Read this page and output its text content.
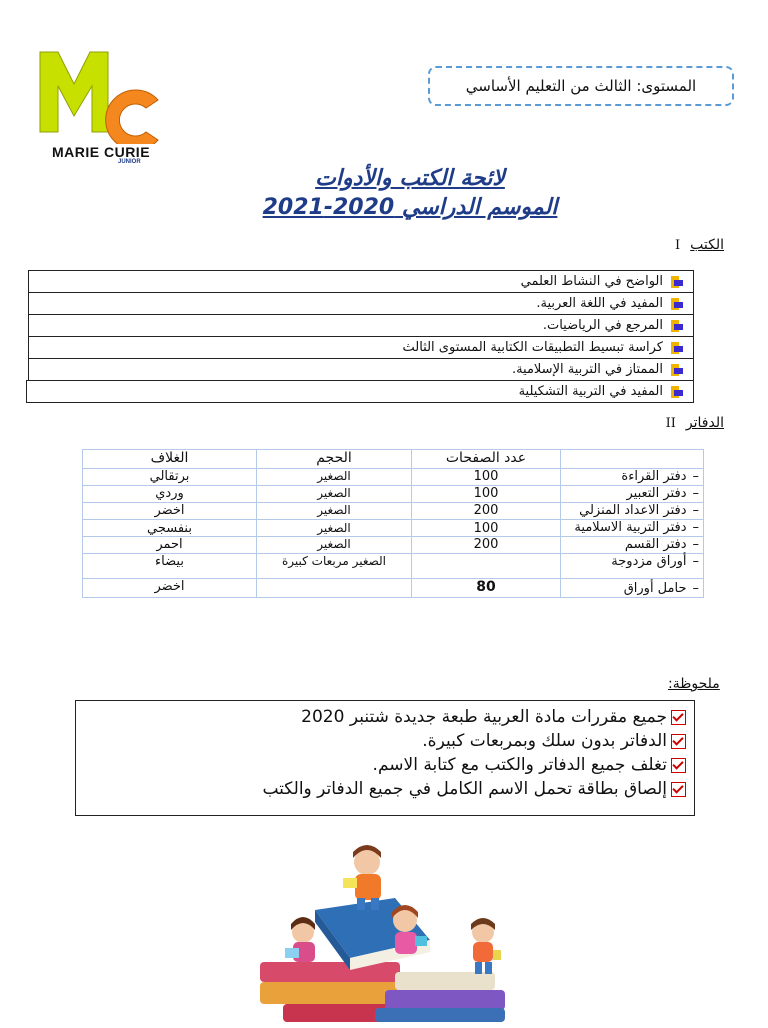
MARIE CURIE
JUNIOR
المستوى: الثالث من التعليم الأساسي
لائحة الكتب والأدوات
الموسم الدراسي 2020-2021
الكتب
I
الواضح في النشاط العلمي
المفيد في اللغة العربية.
المرجع في الرياضيات.
كراسة تبسيط التطبيقات الكتابية المستوى الثالث
الممتاز في التربية الإسلامية.
المفيد في التربية التشكيلية
الدفاتر
II
	عدد الصفحات	الحجم	الغلاف
–دفتر القراءة	100	الصغير	برتقالي
–دفتر التعبير	100	الصغير	وردي
–دفتر الاعداد المنزلي	200	الصغير	اخضر
–دفتر التربية الاسلامية	100	الصغير	بنفسجي
–دفتر القسم	200	الصغير	احمر
–أوراق مزدوجة		الصغير مربعات كبيرة	بيضاء
–حامل أوراق	80		اخضر
ملحوظة:
جميع مقررات مادة العربية طبعة جديدة شتنبر 2020
الدفاتر بدون سلك وبمربعات كبيرة.
تغلف جميع الدفاتر والكتب مع كتابة الاسم.
إلصاق بطاقة تحمل الاسم الكامل في جميع الدفاتر والكتب
